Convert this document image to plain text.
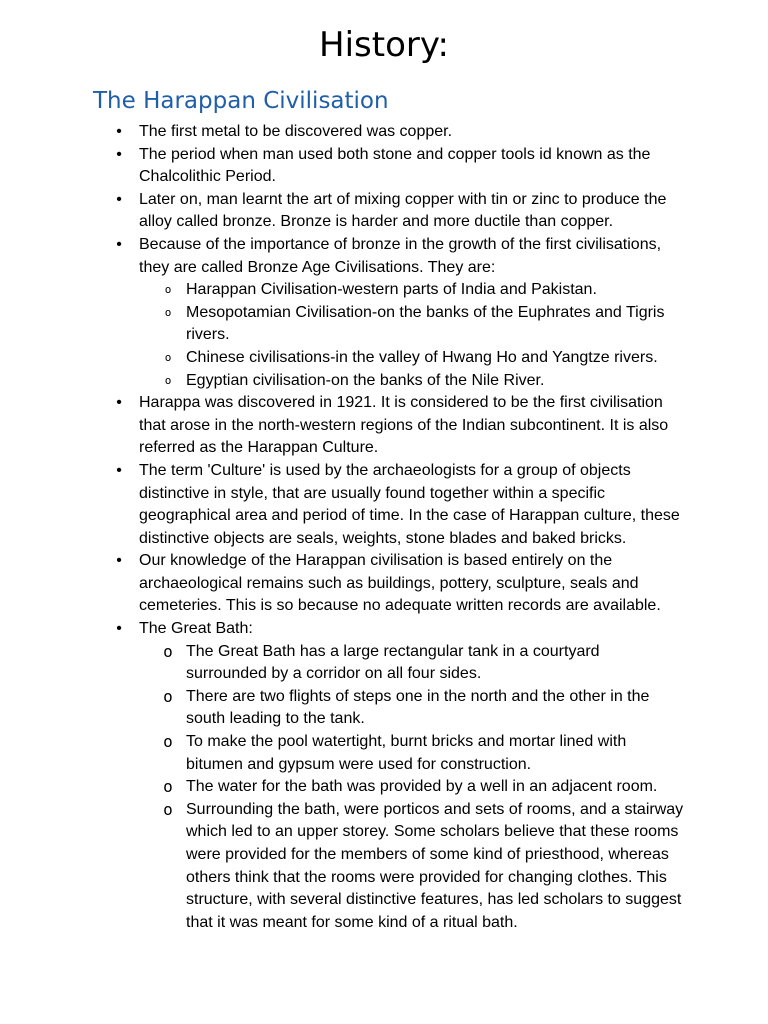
History:
The Harappan Civilisation
• The first metal to be discovered was copper.
• The period when man used both stone and copper tools id known as the Chalcolithic Period.
• Later on, man learnt the art of mixing copper with tin or zinc to produce the alloy called bronze. Bronze is harder and more ductile than copper.
• Because of the importance of bronze in the growth of the first civilisations, they are called Bronze Age Civilisations. They are:
o Harappan Civilisation-western parts of India and Pakistan.
o Mesopotamian Civilisation-on the banks of the Euphrates and Tigris rivers.
o Chinese civilisations-in the valley of Hwang Ho and Yangtze rivers.
o Egyptian civilisation-on the banks of the Nile River.
• Harappa was discovered in 1921. It is considered to be the first civilisation that arose in the north-western regions of the Indian subcontinent. It is also referred as the Harappan Culture.
• The term 'Culture' is used by the archaeologists for a group of objects distinctive in style, that are usually found together within a specific geographical area and period of time. In the case of Harappan culture, these distinctive objects are seals, weights, stone blades and baked bricks.
• Our knowledge of the Harappan civilisation is based entirely on the archaeological remains such as buildings, pottery, sculpture, seals and cemeteries. This is so because no adequate written records are available.
• The Great Bath:
o The Great Bath has a large rectangular tank in a courtyard surrounded by a corridor on all four sides.
o There are two flights of steps one in the north and the other in the south leading to the tank.
o To make the pool watertight, burnt bricks and mortar lined with bitumen and gypsum were used for construction.
o The water for the bath was provided by a well in an adjacent room.
o Surrounding the bath, were porticos and sets of rooms, and a stairway which led to an upper storey. Some scholars believe that these rooms were provided for the members of some kind of priesthood, whereas others think that the rooms were provided for changing clothes. This structure, with several distinctive features, has led scholars to suggest that it was meant for some kind of a ritual bath.
